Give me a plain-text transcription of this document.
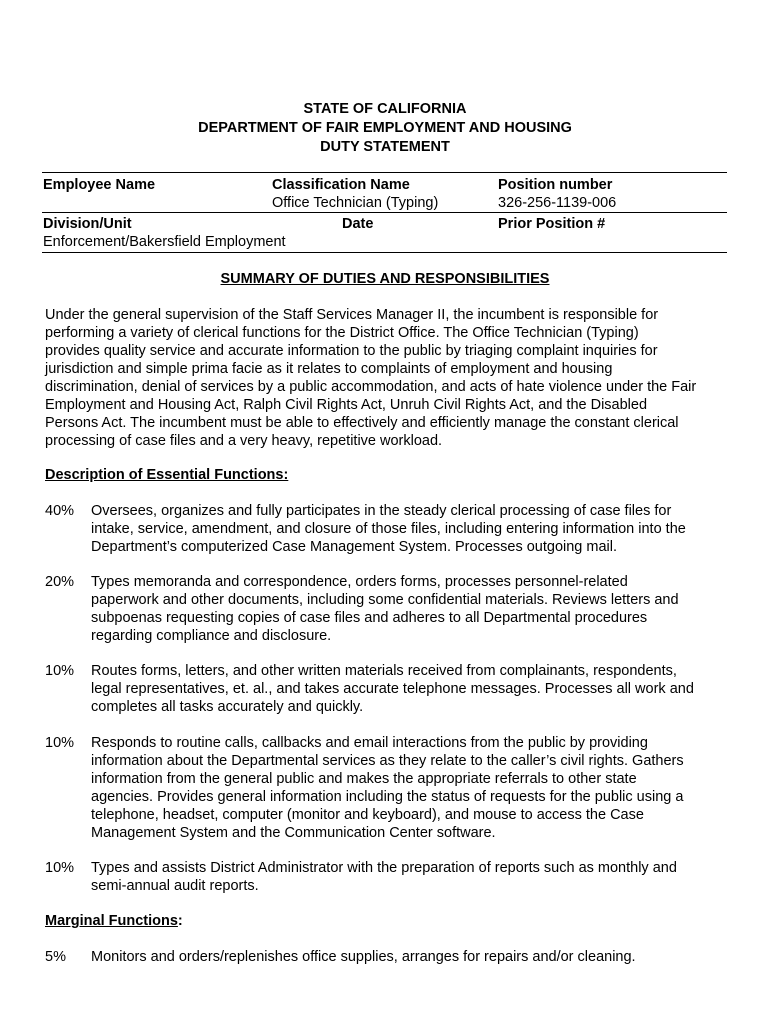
STATE OF CALIFORNIA
DEPARTMENT OF FAIR EMPLOYMENT AND HOUSING
DUTY STATEMENT
Employee Name	Classification Name
Office Technician (Typing)
Position number
326-256-1139-006
Division/Unit
Enforcement/Bakersfield Employment
Date	Prior Position #
SUMMARY OF DUTIES AND RESPONSIBILITIES
Under the general supervision of the Staff Services Manager II, the incumbent is responsible for
performing a variety of clerical functions for the District Office. The Office Technician (Typing)
provides quality service and accurate information to the public by triaging complaint inquiries for
jurisdiction and simple prima facie as it relates to complaints of employment and housing
discrimination, denial of services by a public accommodation, and acts of hate violence under the Fair
Employment and Housing Act, Ralph Civil Rights Act, Unruh Civil Rights Act, and the Disabled
Persons Act. The incumbent must be able to effectively and efficiently manage the constant clerical
processing of case files and a very heavy, repetitive workload.
Description of Essential Functions:
40% Oversees, organizes and fully participates in the steady clerical processing of case files for
intake, service, amendment, and closure of those files, including entering information into the
Department’s computerized Case Management System. Processes outgoing mail.
20% Types memoranda and correspondence, orders forms, processes personnel-related
paperwork and other documents, including some confidential materials. Reviews letters and
subpoenas requesting copies of case files and adheres to all Departmental procedures
regarding compliance and disclosure.
10% Routes forms, letters, and other written materials received from complainants, respondents,
legal representatives, et. al., and takes accurate telephone messages. Processes all work and
completes all tasks accurately and quickly.
10% Responds to routine calls, callbacks and email interactions from the public by providing
information about the Departmental services as they relate to the caller’s civil rights. Gathers
information from the general public and makes the appropriate referrals to other state
agencies. Provides general information including the status of requests for the public using a
telephone, headset, computer (monitor and keyboard), and mouse to access the Case
Management System and the Communication Center software.
10% Types and assists District Administrator with the preparation of reports such as monthly and
semi-annual audit reports.
Marginal Functions:
5% Monitors and orders/replenishes office supplies, arranges for repairs and/or cleaning.
